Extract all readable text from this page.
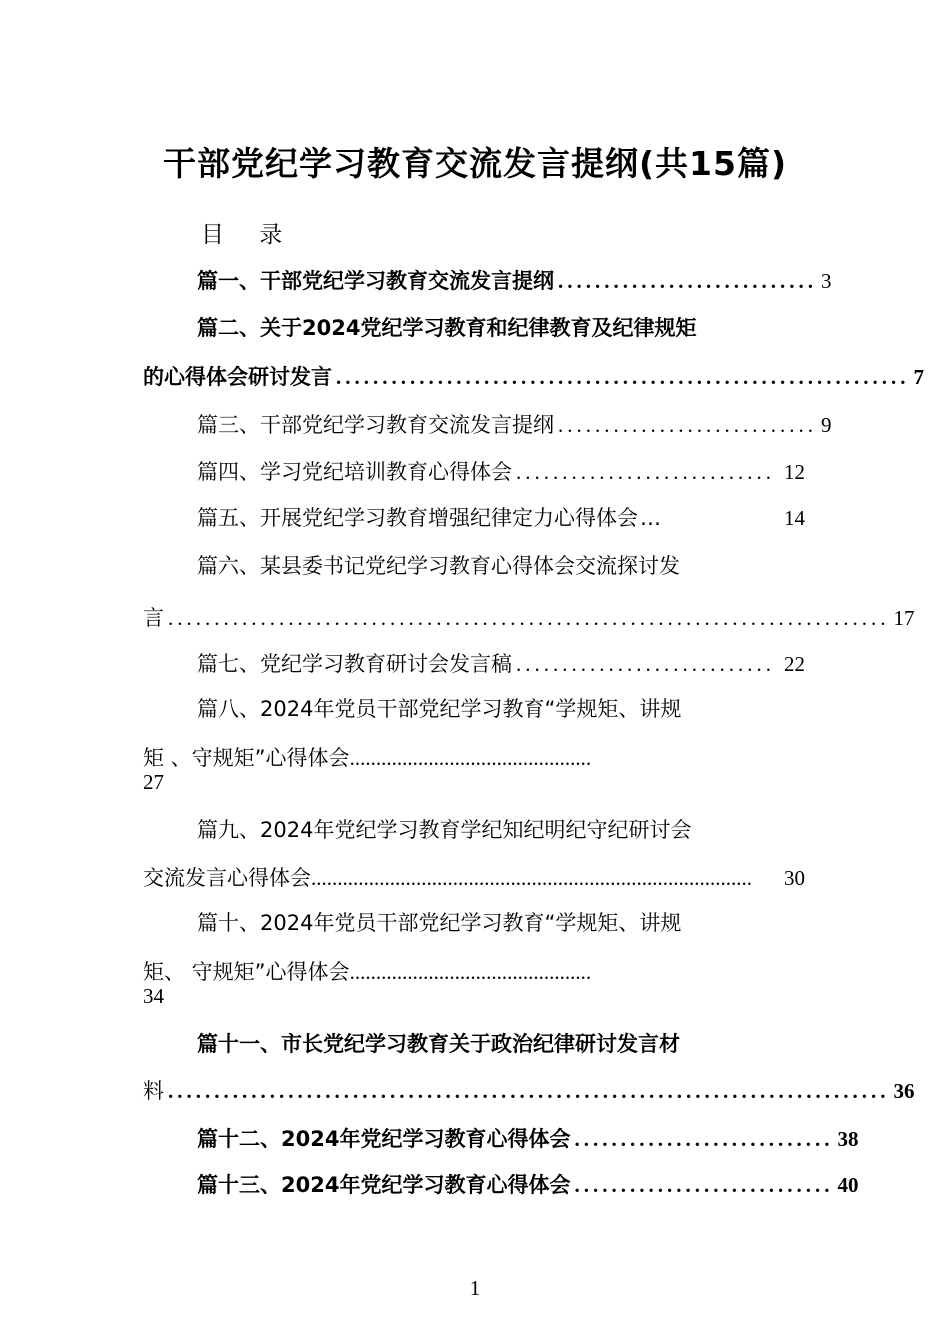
干部党纪学习教育交流发言提纲(共15篇)
目 录
篇一、干部党纪学习教育交流发言提纲 ............................ 3
篇二、关于2024党纪学习教育和纪律教育及纪律规矩
的心得体会研讨发言 .............................................................. 7
篇三、干部党纪学习教育交流发言提纲 ............................ 9
篇四、学习党纪培训教育心得体会 ............................ 12
篇五、开展党纪学习教育增强纪律定力心得体会 …	14
篇六、某县委书记党纪学习教育心得体会交流探讨发
言 .............................................................................. 17
篇七、党纪学习教育研讨会发言稿 ............................ 22
篇八、2024年党员干部党纪学习教育“学规矩、讲规
矩 、守规矩”心得体会..............................................
27
篇九、2024年党纪学习教育学纪知纪明纪守纪研讨会
交流发言心得体会 ....................................................................................	30
篇十、2024年党员干部党纪学习教育“学规矩、讲规
矩、 守规矩”心得体会..............................................
34
篇十一、市长党纪学习教育关于政治纪律研讨发言材
料 .............................................................................. 36
篇十二、2024年党纪学习教育心得体会 ............................ 38
篇十三、2024年党纪学习教育心得体会 ............................ 40
1
